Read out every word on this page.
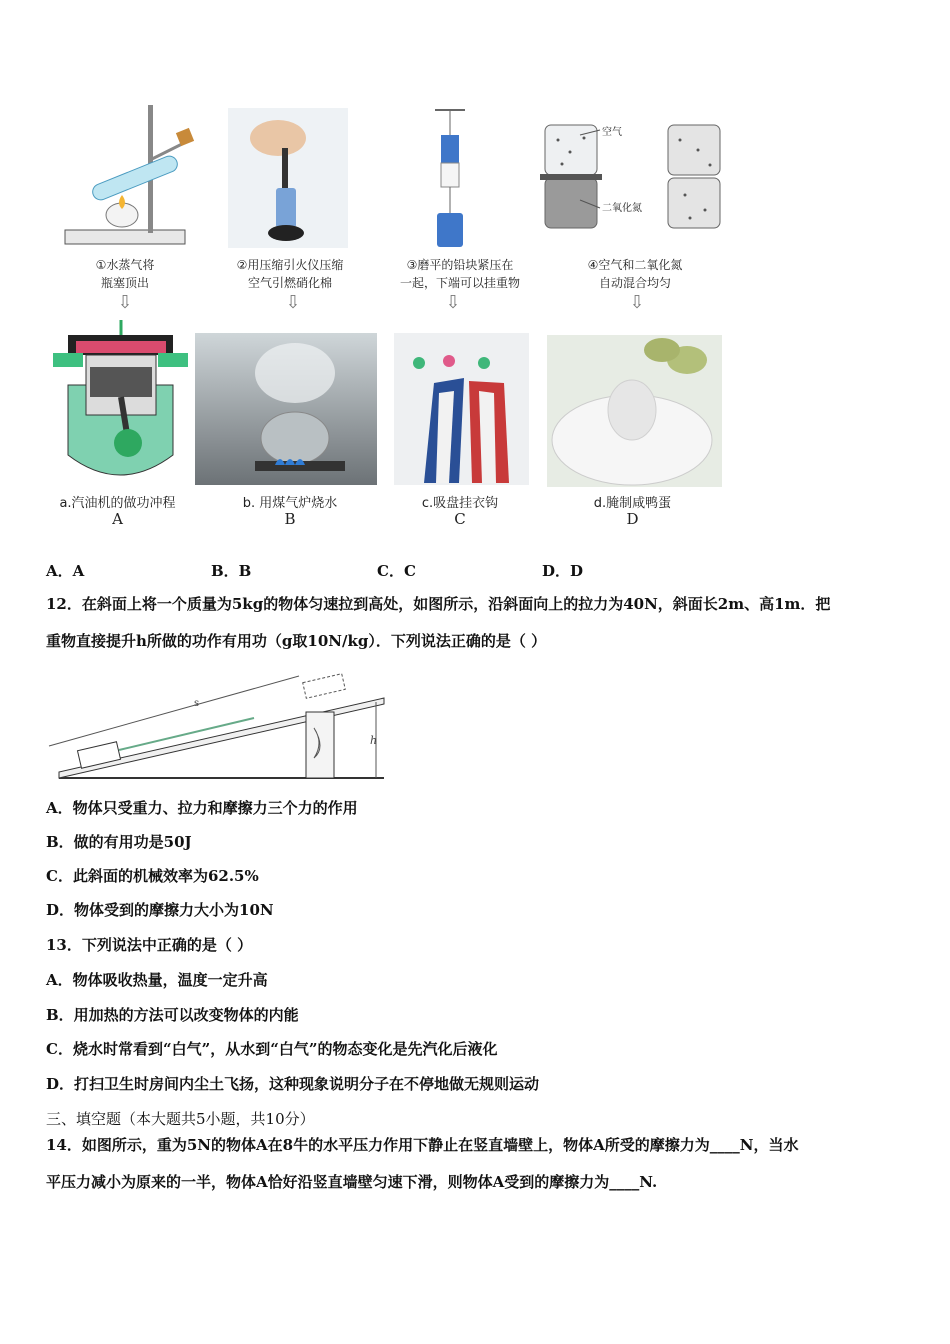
空气
二氧化氮
①水蒸气将
瓶塞顶出
②用压缩引火仪压缩
空气引燃硝化棉
③磨平的铅块紧压在
一起，下端可以挂重物
④空气和二氧化氮
自动混合均匀
⇩	⇩	⇩	⇩
a.汽油机的做功冲程
A
b. 用煤气炉烧水
B
c.吸盘挂衣钩
C
d.腌制咸鸭蛋
D
A．A	B．B	C．C	D．D
12．在斜面上将一个质量为5kg的物体匀速拉到高处，如图所示，沿斜面向上的拉力为40N，斜面长2m、高1m．把
重物直接提升h所做的功作有用功（g取10N/kg）．下列说法正确的是（ ）
s
h
A．物体只受重力、拉力和摩擦力三个力的作用
B．做的有用功是50J
C．此斜面的机械效率为62.5%
D．物体受到的摩擦力大小为10N
13．下列说法中正确的是（ ）
A．物体吸收热量，温度一定升高
B．用加热的方法可以改变物体的内能
C．烧水时常看到“白气”，从水到“白气”的物态变化是先汽化后液化
D．打扫卫生时房间内尘土飞扬，这种现象说明分子在不停地做无规则运动
三、填空题（本大题共5小题，共10分）
14．如图所示，重为5N的物体A在8牛的水平压力作用下静止在竖直墙壁上，物体A所受的摩擦力为____N，当水
平压力减小为原来的一半，物体A恰好沿竖直墙壁匀速下滑，则物体A受到的摩擦力为____N.
